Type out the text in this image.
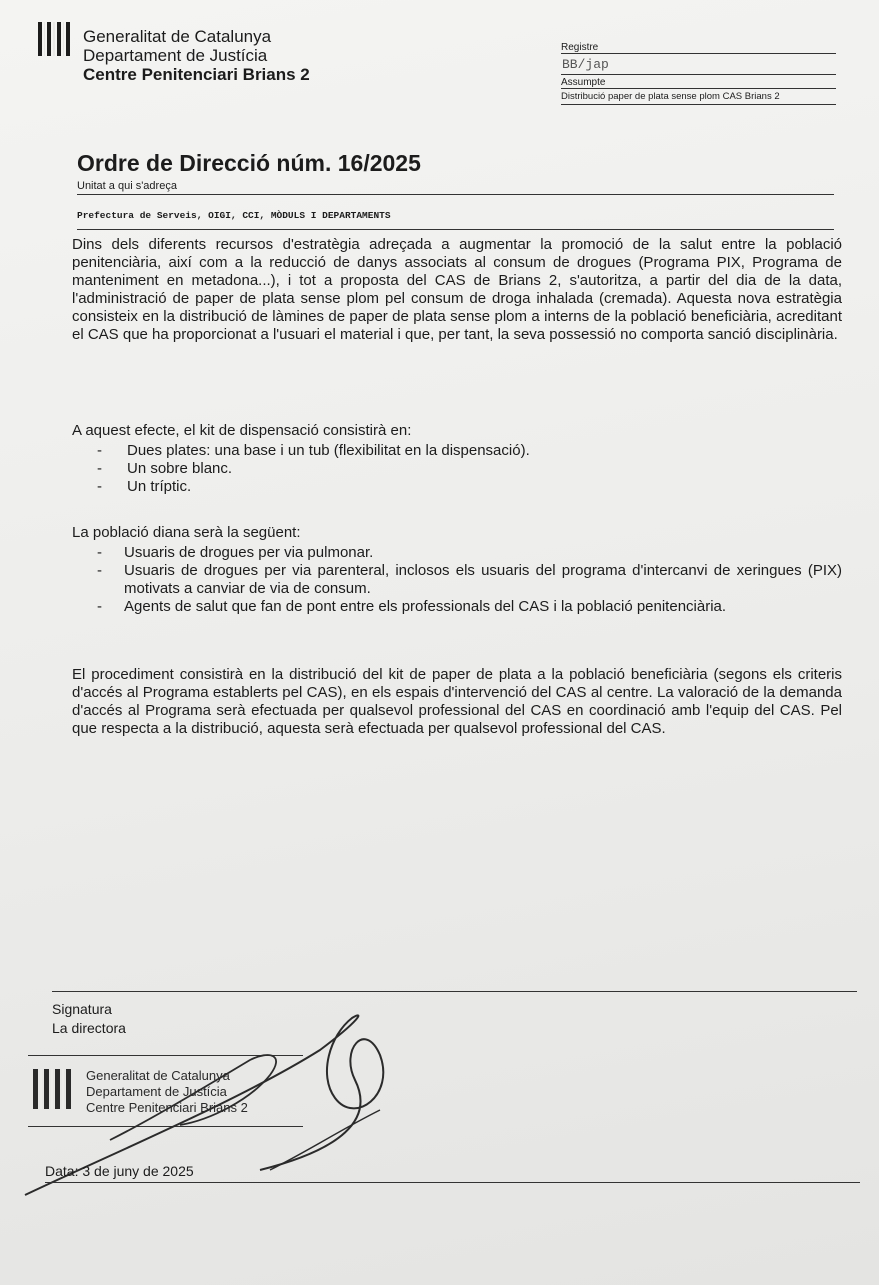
Generalitat de Catalunya
Departament de Justícia
Centre Penitenciari Brians 2
Registre
BB/jap
Assumpte
Distribució paper de plata sense plom CAS Brians 2
Ordre de Direcció núm. 16/2025
Unitat a qui s'adreça
Prefectura de Serveis, OIGI, CCI, MÒDULS I DEPARTAMENTS
Dins dels diferents recursos d'estratègia adreçada a augmentar la promoció de la salut entre la població penitenciària, així com a la reducció de danys associats al consum de drogues (Programa PIX, Programa de manteniment en metadona...), i tot a proposta del CAS de Brians 2, s'autoritza, a partir del dia de la data, l'administració de paper de plata sense plom pel consum de droga inhalada (cremada). Aquesta nova estratègia consisteix en la distribució de làmines de paper de plata sense plom a interns de la població beneficiària, acreditant el CAS que ha proporcionat a l'usuari el material i que, per tant, la seva possessió no comporta sanció disciplinària.
A aquest efecte, el kit de dispensació consistirà en:
- Dues plates: una base i un tub (flexibilitat en la dispensació).
- Un sobre blanc.
- Un tríptic.
La població diana serà la següent:
- Usuaris de drogues per via pulmonar.
- Usuaris de drogues per via parenteral, inclosos els usuaris del programa d'intercanvi de xeringues (PIX) motivats a canviar de via de consum.
- Agents de salut que fan de pont entre els professionals del CAS i la població penitenciària.
El procediment consistirà en la distribució del kit de paper de plata a la població beneficiària (segons els criteris d'accés al Programa establerts pel CAS), en els espais d'intervenció del CAS al centre. La valoració de la demanda d'accés al Programa serà efectuada per qualsevol professional del CAS en coordinació amb l'equip del CAS. Pel que respecta a la distribució, aquesta serà efectuada per qualsevol professional del CAS.
Signatura
La directora
Generalitat de Catalunya
Departament de Justícia
Centre Penitenciari Brians 2
Data: 3 de juny de 2025
